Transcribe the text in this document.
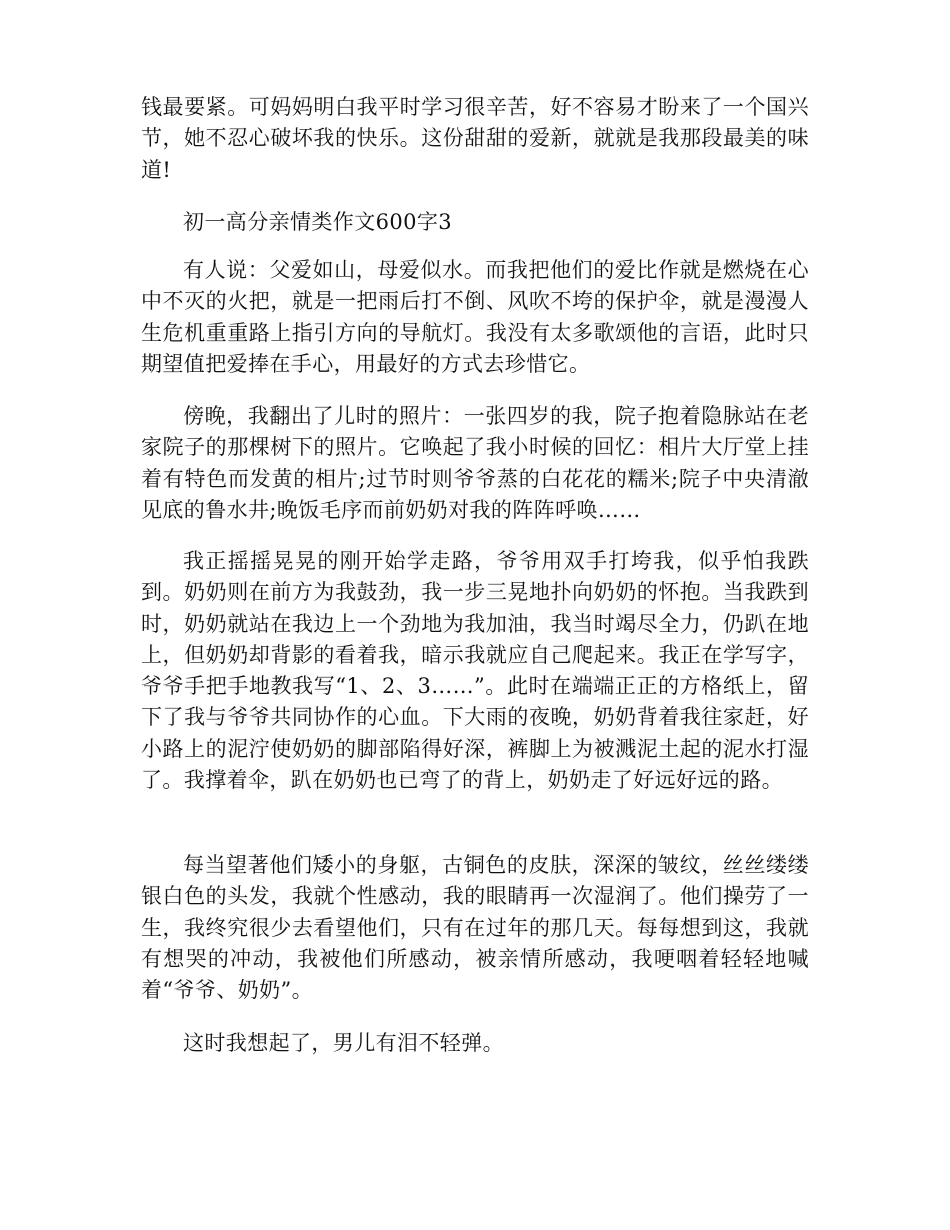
钱最要紧。可妈妈明白我平时学习很辛苦，好不容易才盼来了一个国兴节，她不忍心破坏我的快乐。这份甜甜的爱新，就就是我那段最美的味道!

初一高分亲情类作文600字3

有人说：父爱如山，母爱似水。而我把他们的爱比作就是燃烧在心中不灭的火把，就是一把雨后打不倒、风吹不垮的保护伞，就是漫漫人生危机重重路上指引方向的导航灯。我没有太多歌颂他的言语，此时只期望值把爱捧在手心，用最好的方式去珍惜它。

傍晚，我翻出了儿时的照片：一张四岁的我，院子抱着隐脉站在老家院子的那棵树下的照片。它唤起了我小时候的回忆：相片大厅堂上挂着有特色而发黄的相片;过节时则爷爷蒸的白花花的糯米;院子中央清澈见底的鲁水井;晚饭毛序而前奶奶对我的阵阵呼唤……

我正摇摇晃晃的刚开始学走路，爷爷用双手打垮我，似乎怕我跌到。奶奶则在前方为我鼓劲，我一步三晃地扑向奶奶的怀抱。当我跌到时，奶奶就站在我边上一个劲地为我加油，我当时竭尽全力，仍趴在地上，但奶奶却背影的看着我，暗示我就应自己爬起来。我正在学写字，爷爷手把手地教我写“1、2、3……”。此时在端端正正的方格纸上，留下了我与爷爷共同协作的心血。下大雨的夜晚，奶奶背着我往家赶，好小路上的泥泞使奶奶的脚部陷得好深，裤脚上为被溅泥土起的泥水打湿了。我撑着伞，趴在奶奶也已弯了的背上，奶奶走了好远好远的路。

每当望著他们矮小的身躯，古铜色的皮肤，深深的皱纹，丝丝缕缕银白色的头发，我就个性感动，我的眼睛再一次湿润了。他们操劳了一生，我终究很少去看望他们，只有在过年的那几天。每每想到这，我就有想哭的冲动，我被他们所感动，被亲情所感动，我哽咽着轻轻地喊着“爷爷、奶奶”。

这时我想起了，男儿有泪不轻弹。
